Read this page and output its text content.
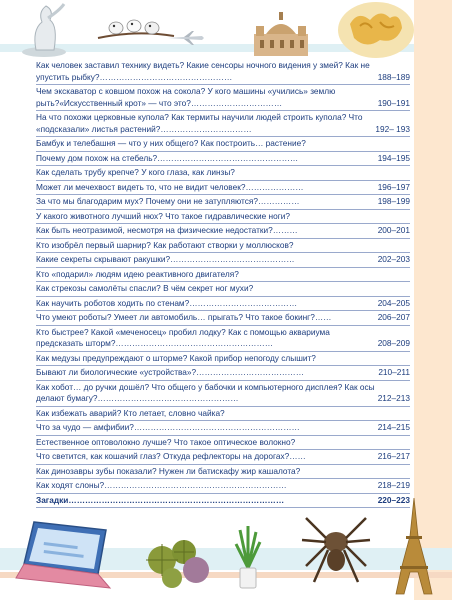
Как человек заставил технику видеть? Какие сенсоры ночного видения у змей? Как не упустить рыбку?…………………………………………	188–189
Чем экскаватор с ковшом похож на сокола? У кого машины «учились» землю рыть?«Искусственный крот» — что это?……………………………	190–191
На что похожи церковные купола? Как термиты научили людей строить купола? Что «подсказали» листья растений?……………………………	192– 193
Бамбук и телебашня — что у них общего? Как построить… растение?
Почему дом похож на стебель?……………………………………………	194–195
Как сделать трубу крепче? У кого глаза, как линзы?
Может ли мечехвост видеть то, что не видит человек?…………………	196–197
За что мы благодарим мух? Почему они не затупляются?……………	198–199
У какого животного лучший нюх? Что такое гидравлические ноги?
Как быть неотразимой, несмотря на физические недостатки?………	200–201
Кто изобрёл первый шарнир? Как работают створки у моллюсков?
Какие секреты скрывают ракушки?………………………………………	202–203
Кто «подарил» людям идею реактивного двигателя?
Как стрекозы самолёты спасли? В чём секрет ног мухи?
Как научить роботов ходить по стенам?…………………………………	204–205
Что умеют роботы? Умеет ли автомобиль… прыгать? Что такое бокинг?……	206–207
Кто быстрее? Какой «меченосец» пробил лодку? Как с помощью аквариума предсказать шторм?…………………………………………………	208–209
Как медузы предупреждают о шторме? Какой прибор непогоду слышит?
Бывают ли биологические «устройства»?…………………………………	210–211
Как хобот… до ручки дошёл? Что общего у бабочки и компьютерного дисплея? Как осы делают бумагу?……………………………………………	212–213
Как избежать аварий? Кто летает, словно чайка?
Что за чудо — амфибии?……………………………………………………	214–215
Естественное оптоволокно лучше? Что такое оптическое волокно?
Что светится, как кошачий глаз? Откуда рефлекторы на дорогах?……	216–217
Как динозавры зубы показали? Нужен ли батискафу жир кашалота?
Как ходят слоны?…………………………………………………………	218–219
Загадки……………………………………………………………………	220–223
